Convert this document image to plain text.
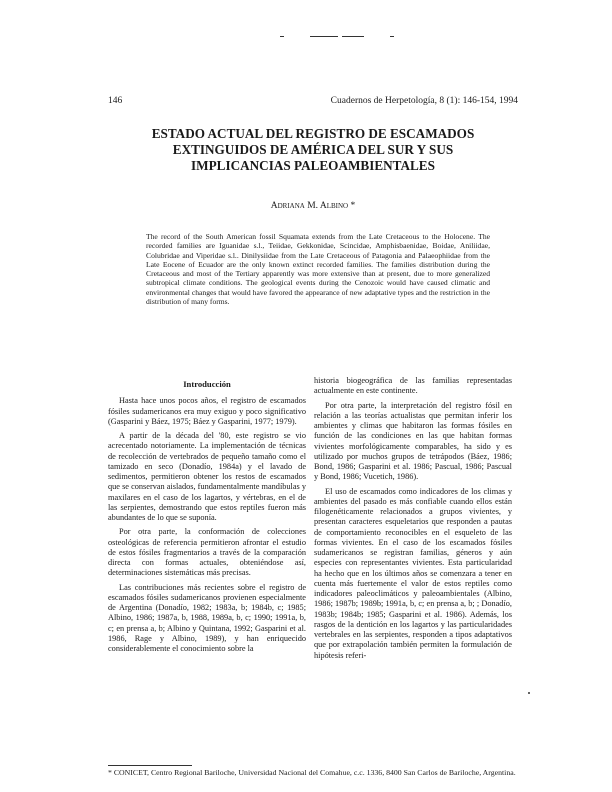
146	Cuadernos de Herpetología, 8 (1): 146-154, 1994
ESTADO ACTUAL DEL REGISTRO DE ESCAMADOS
EXTINGUIDOS DE AMÉRICA DEL SUR Y SUS
IMPLICANCIAS PALEOAMBIENTALES
Adriana M. Albino *

The record of the South American fossil Squamata extends from the Late Cretaceous to the Holocene. The recorded families are Iguanidae s.l., Teiidae, Gekkonidae, Scincidae, Amphisbaenidae, Boidae, Aniliidae, Colubridae and Viperidae s.l.. Dinilysiidae from the Late Cretaceous of Patagonia and Palaeophiidae from the Late Eocene of Ecuador are the only known extinct recorded families. The families distribution during the Cretaceous and most of the Tertiary apparently was more extensive than at present, due to more generalized subtropical climate conditions. The geological events during the Cenozoic would have caused climatic and environmental changes that would have favored the appearance of new adaptative types and the restriction in the distribution of many forms.

Introducción

Hasta hace unos pocos años, el registro de escamados fósiles sudamericanos era muy exiguo y poco significativo (Gasparini y Báez, 1975; Báez y Gasparini, 1977; 1979).

A partir de la década del '80, este registro se vio acrecentado notoriamente. La implementación de técnicas de recolección de vertebrados de pequeño tamaño como el tamizado en seco (Donadío, 1984a) y el lavado de sedimentos, permitieron obtener los restos de escamados que se conservan aislados, fundamentalmente mandíbulas y maxilares en el caso de los lagartos, y vértebras, en el de las serpientes, demostrando que estos reptiles fueron más abundantes de lo que se suponía.

Por otra parte, la conformación de colecciones osteológicas de referencia permitieron afrontar el estudio de estos fósiles fragmentarios a través de la comparación directa con formas actuales, obteniéndose así, determinaciones sistemáticas más precisas.

Las contribuciones más recientes sobre el registro de escamados fósiles sudamericanos provienen especialmente de Argentina (Donadío, 1982; 1983a, b; 1984b, c; 1985; Albino, 1986; 1987a, b, 1988, 1989a, b, c; 1990; 1991a, b, c; en prensa a, b; Albino y Quintana, 1992; Gasparini et al. 1986, Rage y Albino, 1989), y han enriquecido considerablemente el conocimiento sobre la

historia biogeográfica de las familias representadas actualmente en este continente.

Por otra parte, la interpretación del registro fósil en relación a las teorías actualistas que permitan inferir los ambientes y climas que habitaron las formas fósiles en función de las condiciones en las que habitan formas vivientes morfológicamente comparables, ha sido y es utilizado por muchos grupos de tetrápodos (Báez, 1986; Bond, 1986; Gasparini et al. 1986; Pascual, 1986; Pascual y Bond, 1986; Vucetich, 1986).

El uso de escamados como indicadores de los climas y ambientes del pasado es más confiable cuando ellos están filogenéticamente relacionados a grupos vivientes, y presentan caracteres esqueletarios que responden a pautas de comportamiento reconocibles en el esqueleto de las formas vivientes. En el caso de los escamados fósiles sudamericanos se registran familias, géneros y aún especies con representantes vivientes. Esta particularidad ha hecho que en los últimos años se comenzara a tener en cuenta más fuertemente el valor de estos reptiles como indicadores paleoclimáticos y paleoambientales (Albino, 1986; 1987b; 1989b; 1991a, b, c; en prensa a, b; ; Donadío, 1983b; 1984b; 1985; Gasparini et al. 1986). Además, los rasgos de la dentición en los lagartos y las particularidades vertebrales en las serpientes, responden a tipos adaptativos que por extrapolación también permiten la formulación de hipótesis referi-

* CONICET, Centro Regional Bariloche, Universidad Nacional del Comahue, c.c. 1336, 8400 San Carlos de Bariloche, Argentina.
